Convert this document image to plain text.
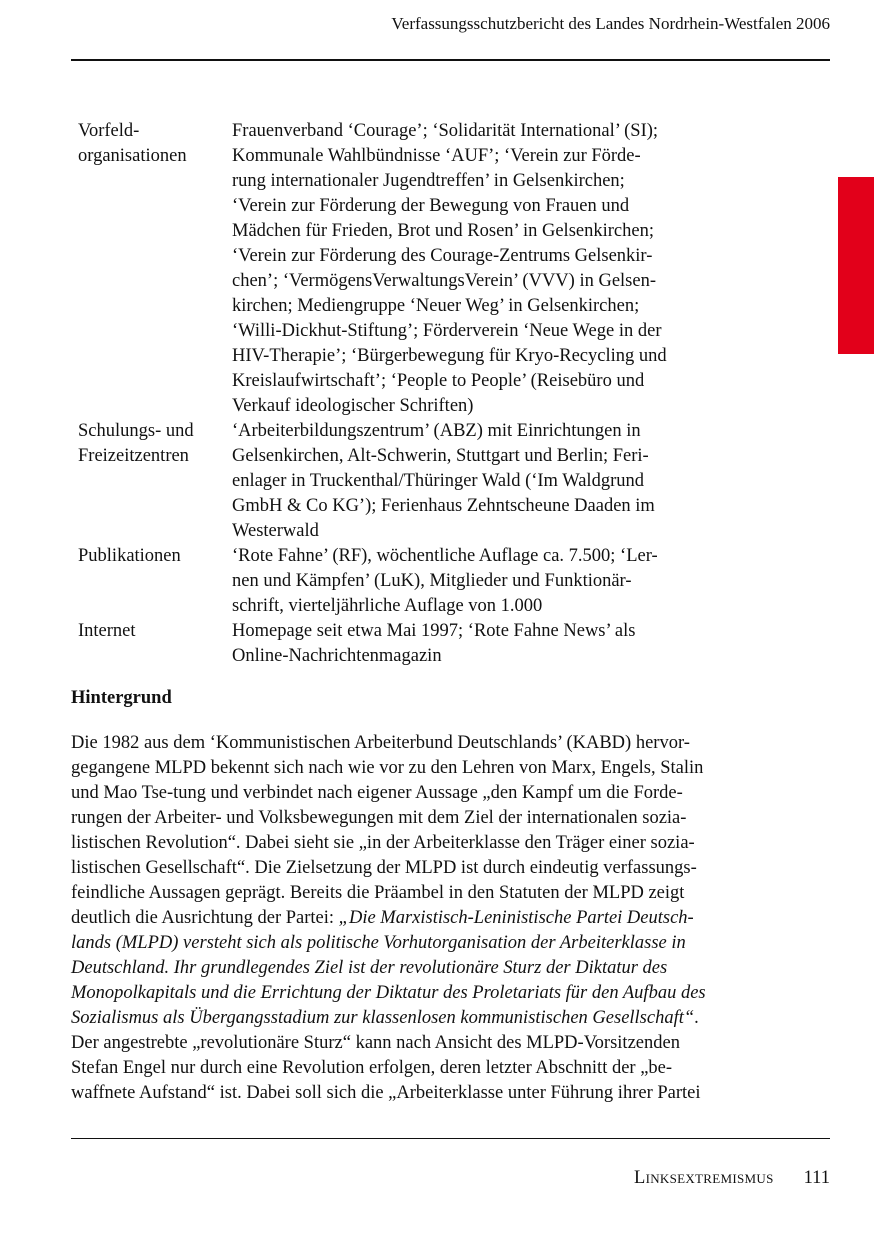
Verfassungsschutzbericht des Landes Nordrhein-Westfalen 2006
Vorfeld-
organisationen
Frauenverband ‘Courage’; ‘Solidarität International’ (SI);
Kommunale Wahlbündnisse ‘AUF’; ‘Verein zur Förde-
rung internationaler Jugendtreffen’ in Gelsenkirchen;
‘Verein zur Förderung der Bewegung von Frauen und
Mädchen für Frieden, Brot und Rosen’ in Gelsenkirchen;
‘Verein zur Förderung des Courage-Zentrums Gelsenkir-
chen’; ‘VermögensVerwaltungsVerein’ (VVV) in Gelsen-
kirchen; Mediengruppe ‘Neuer Weg’ in Gelsenkirchen;
‘Willi-Dickhut-Stiftung’; Förderverein ‘Neue Wege in der
HIV-Therapie’; ‘Bürgerbewegung für Kryo-Recycling und
Kreislaufwirtschaft’; ‘People to People’ (Reisebüro und
Verkauf ideologischer Schriften)
Schulungs- und
Freizeitzentren
‘Arbeiterbildungszentrum’ (ABZ) mit Einrichtungen in
Gelsenkirchen, Alt-Schwerin, Stuttgart und Berlin; Feri-
enlager in Truckenthal/Thüringer Wald (‘Im Waldgrund
GmbH & Co KG’); Ferienhaus Zehntscheune Daaden im
Westerwald
Publikationen	‘Rote Fahne’ (RF), wöchentliche Auflage ca. 7.500; ‘Ler-
nen und Kämpfen’ (LuK), Mitglieder und Funktionär-
schrift, vierteljährliche Auflage von 1.000
Internet	Homepage seit etwa Mai 1997; ‘Rote Fahne News’ als
Online-Nachrichtenmagazin
Hintergrund
Die 1982 aus dem ‘Kommunistischen Arbeiterbund Deutschlands’ (KABD) hervor-
gegangene MLPD bekennt sich nach wie vor zu den Lehren von Marx, Engels, Stalin
und Mao Tse-tung und verbindet nach eigener Aussage „den Kampf um die Forde-
rungen der Arbeiter- und Volksbewegungen mit dem Ziel der internationalen sozia-
listischen Revolution“. Dabei sieht sie „in der Arbeiterklasse den Träger einer sozia-
listischen Gesellschaft“. Die Zielsetzung der MLPD ist durch eindeutig verfassungs-
feindliche Aussagen geprägt. Bereits die Präambel in den Statuten der MLPD zeigt
deutlich die Ausrichtung der Partei: „Die Marxistisch-Leninistische Partei Deutsch-
lands (MLPD) versteht sich als politische Vorhutorganisation der Arbeiterklasse in
Deutschland. Ihr grundlegendes Ziel ist der revolutionäre Sturz der Diktatur des
Monopolkapitals und die Errichtung der Diktatur des Proletariats für den Aufbau des
Sozialismus als Übergangsstadium zur klassenlosen kommunistischen Gesellschaft“.
Der angestrebte „revolutionäre Sturz“ kann nach Ansicht des MLPD-Vorsitzenden
Stefan Engel nur durch eine Revolution erfolgen, deren letzter Abschnitt der „be-
waffnete Aufstand“ ist. Dabei soll sich die „Arbeiterklasse unter Führung ihrer Partei
Linksextremismus 111
